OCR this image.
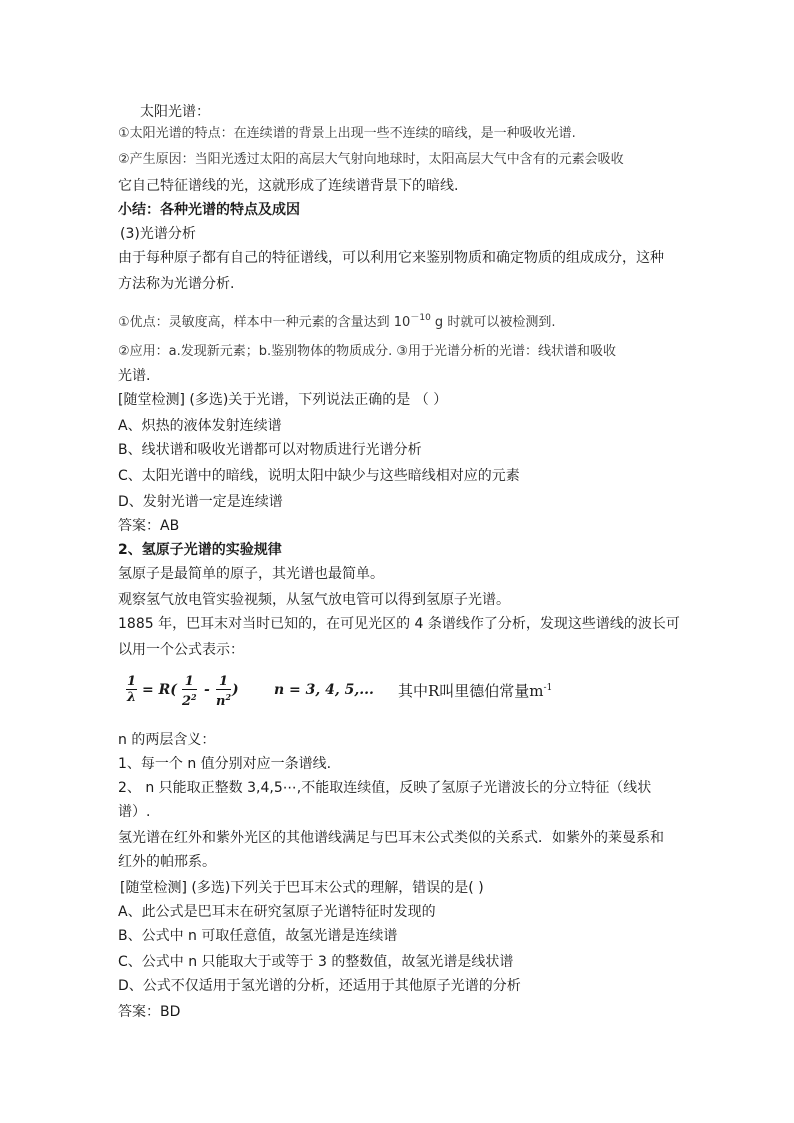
太阳光谱：
①太阳光谱的特点：在连续谱的背景上出现一些不连续的暗线，是一种吸收光谱.
②产生原因：当阳光透过太阳的高层大气射向地球时，太阳高层大气中含有的元素会吸收
它自己特征谱线的光，这就形成了连续谱背景下的暗线.
小结：各种光谱的特点及成因
(3)光谱分析
由于每种原子都有自己的特征谱线，可以利用它来鉴别物质和确定物质的组成成分，这种
方法称为光谱分析.
①优点：灵敏度高，样本中一种元素的含量达到 $10^{-10}$ g 时就可以被检测到.
②应用：a.发现新元素；b.鉴别物体的物质成分. ③用于光谱分析的光谱：线状谱和吸收
光谱.
[随堂检测] (多选)关于光谱，下列说法正确的是 （ ）
A、炽热的液体发射连续谱
B、线状谱和吸收光谱都可以对物质进行光谱分析
C、太阳光谱中的暗线，说明太阳中缺少与这些暗线相对应的元素
D、发射光谱一定是连续谱
答案：AB
2、氢原子光谱的实验规律
氢原子是最简单的原子，其光谱也最简单。
观察氢气放电管实验视频，从氢气放电管可以得到氢原子光谱。
1885 年，巴耳末对当时已知的，在可见光区的 4 条谱线作了分析，发现这些谱线的波长可
以用一个公式表示：
$\frac{1}{\lambda} = R( \frac{1}{2^2} - \frac{1}{n^2}$ )	n = 3, 4, 5,... 其中R叫里德伯常量$m^{-1}$
n 的两层含义：
1、每一个 n 值分别对应一条谱线.
2、 n 只能取正整数 3,4,5⋯,不能取连续值，反映了氢原子光谱波长的分立特征（线状
谱）.
氢光谱在红外和紫外光区的其他谱线满足与巴耳末公式类似的关系式．如紫外的莱曼系和
红外的帕邢系。
[随堂检测] (多选)下列关于巴耳末公式的理解，错误的是( )
A、此公式是巴耳末在研究氢原子光谱特征时发现的
B、公式中 n 可取任意值，故氢光谱是连续谱
C、公式中 n 只能取大于或等于 3 的整数值，故氢光谱是线状谱
D、公式不仅适用于氢光谱的分析，还适用于其他原子光谱的分析
答案：BD
